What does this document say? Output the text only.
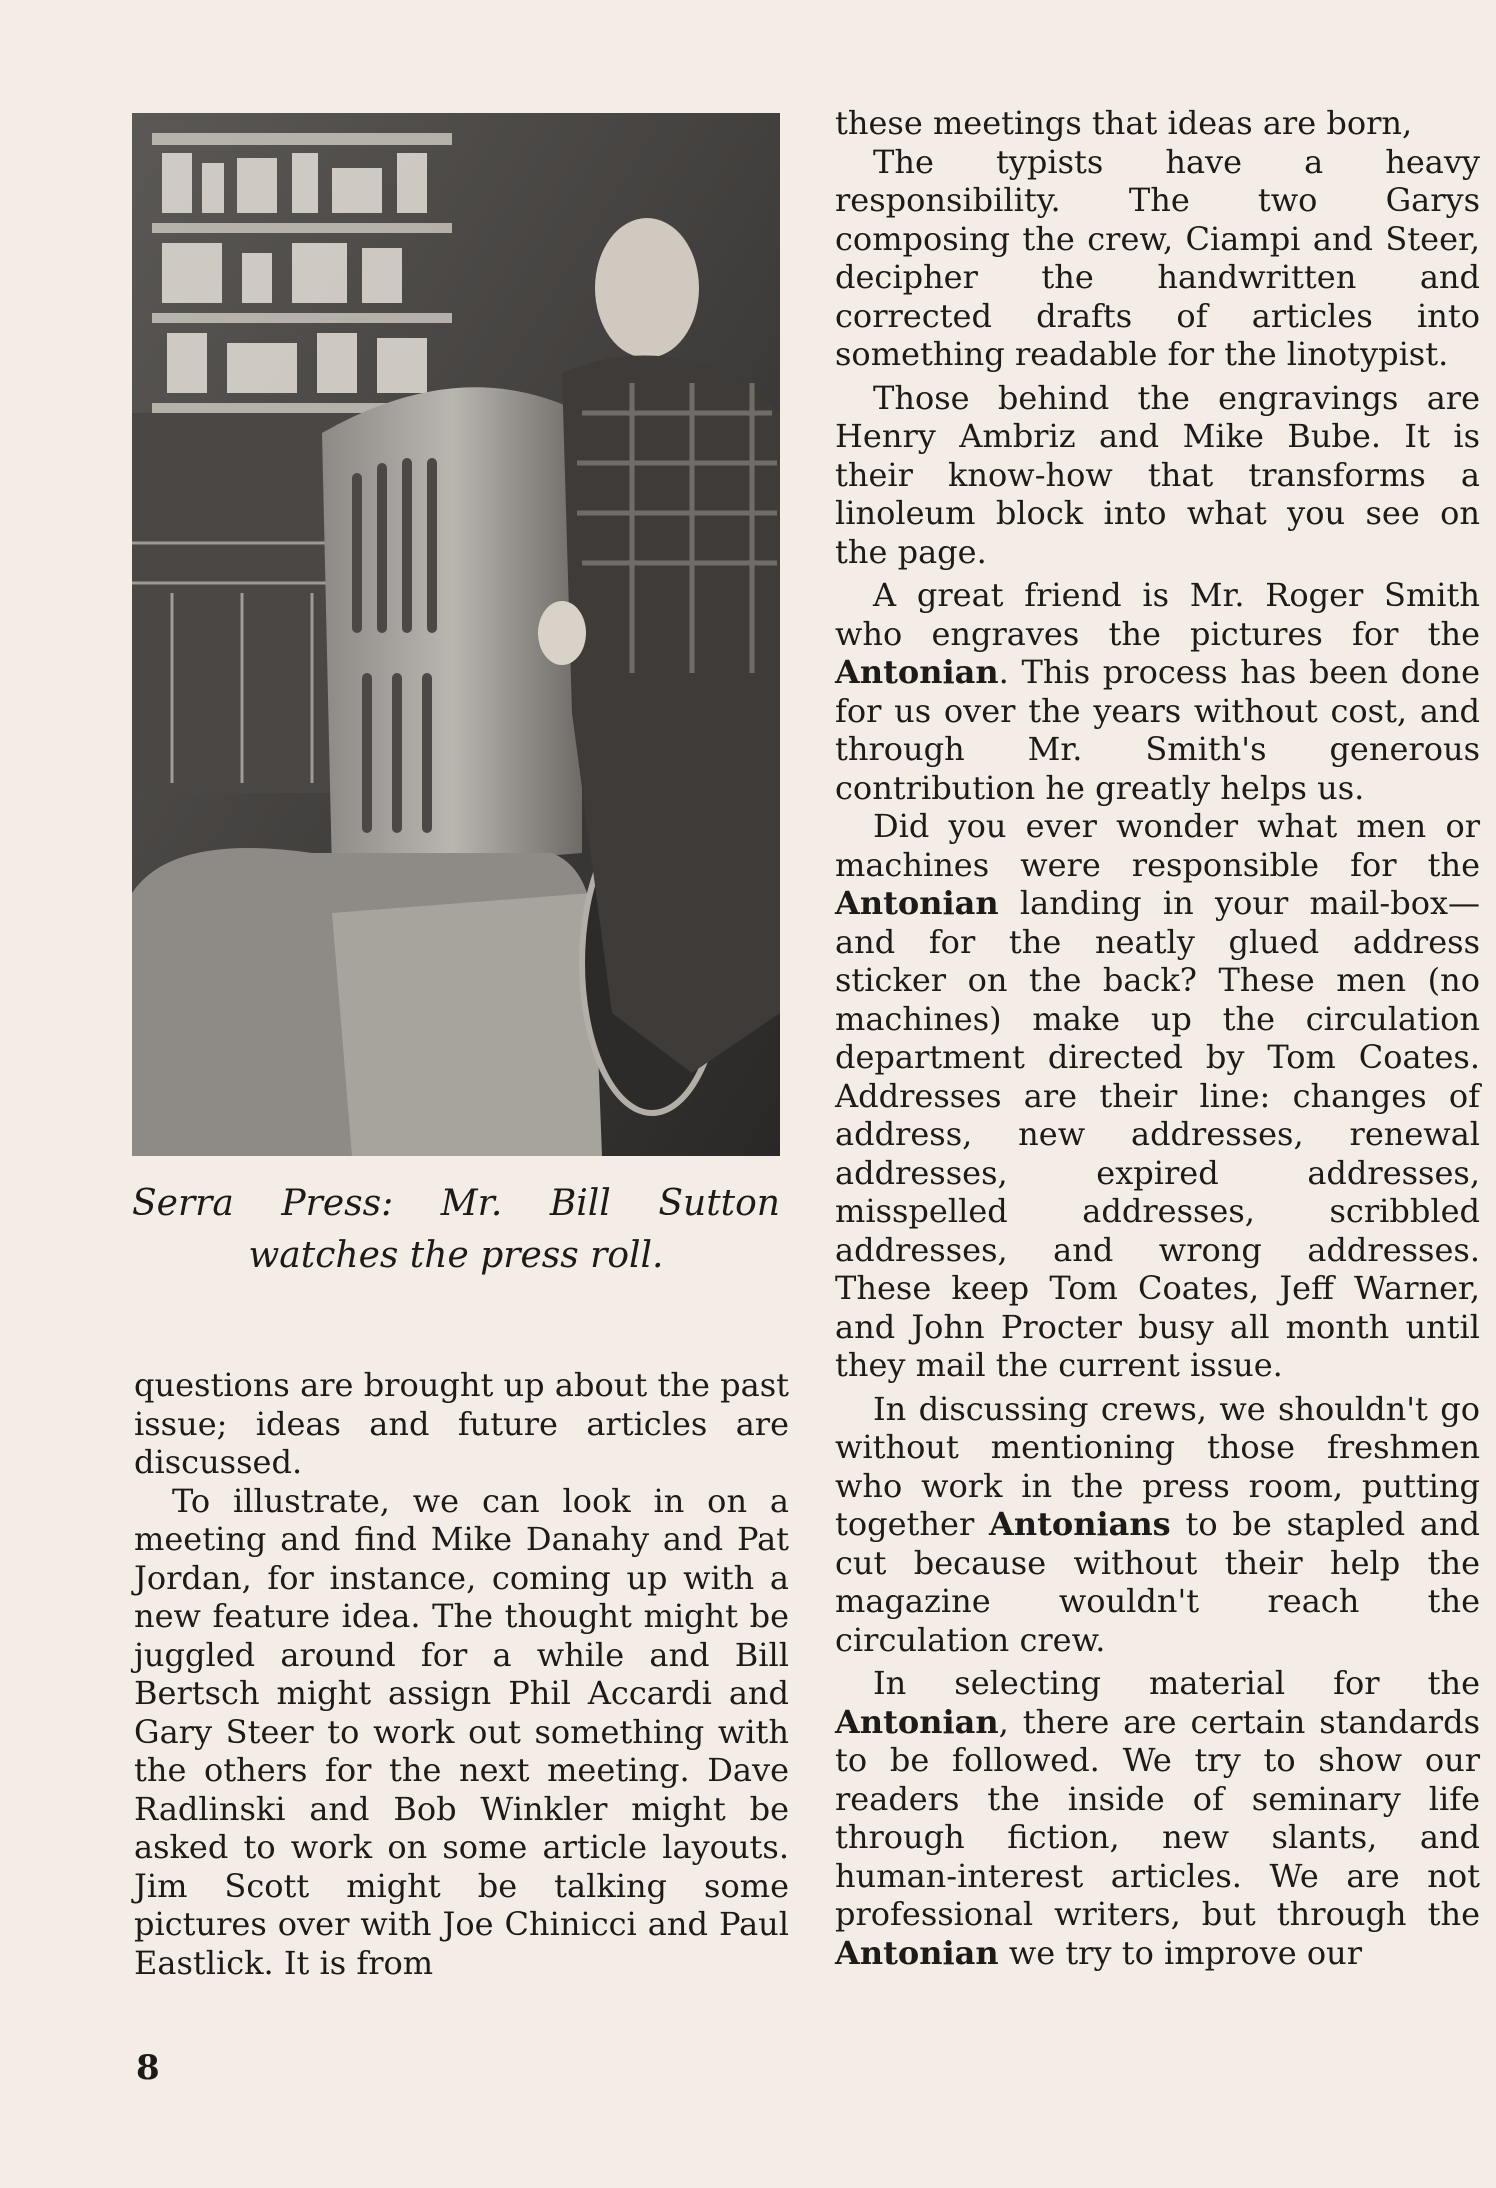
Serra Press: Mr. Bill Sutton
watches the press roll.

questions are brought up about the past issue; ideas and future articles are discussed.

To illustrate, we can look in on a meeting and find Mike Danahy and Pat Jordan, for instance, coming up with a new feature idea. The thought might be juggled around for a while and Bill Bertsch might assign Phil Accardi and Gary Steer to work out something with the others for the next meeting. Dave Radlinski and Bob Winkler might be asked to work on some article layouts. Jim Scott might be talking some pictures over with Joe Chinicci and Paul Eastlick. It is from

these meetings that ideas are born,

The typists have a heavy responsibility. The two Garys composing the crew, Ciampi and Steer, decipher the handwritten and corrected drafts of articles into something readable for the linotypist.

Those behind the engravings are Henry Ambriz and Mike Bube. It is their know-how that transforms a linoleum block into what you see on the page.

A great friend is Mr. Roger Smith who engraves the pictures for the Antonian. This process has been done for us over the years without cost, and through Mr. Smith's generous contribution he greatly helps us.

Did you ever wonder what men or machines were responsible for the Antonian landing in your mail-box— and for the neatly glued address sticker on the back? These men (no machines) make up the circulation department directed by Tom Coates. Addresses are their line: changes of address, new addresses, renewal addresses, expired addresses, misspelled addresses, scribbled addresses, and wrong addresses. These keep Tom Coates, Jeff Warner, and John Procter busy all month until they mail the current issue.

In discussing crews, we shouldn't go without mentioning those freshmen who work in the press room, putting together Antonians to be stapled and cut because without their help the magazine wouldn't reach the circulation crew.

In selecting material for the Antonian, there are certain standards to be followed. We try to show our readers the inside of seminary life through fiction, new slants, and human-interest articles. We are not professional writers, but through the Antonian we try to improve our

8
